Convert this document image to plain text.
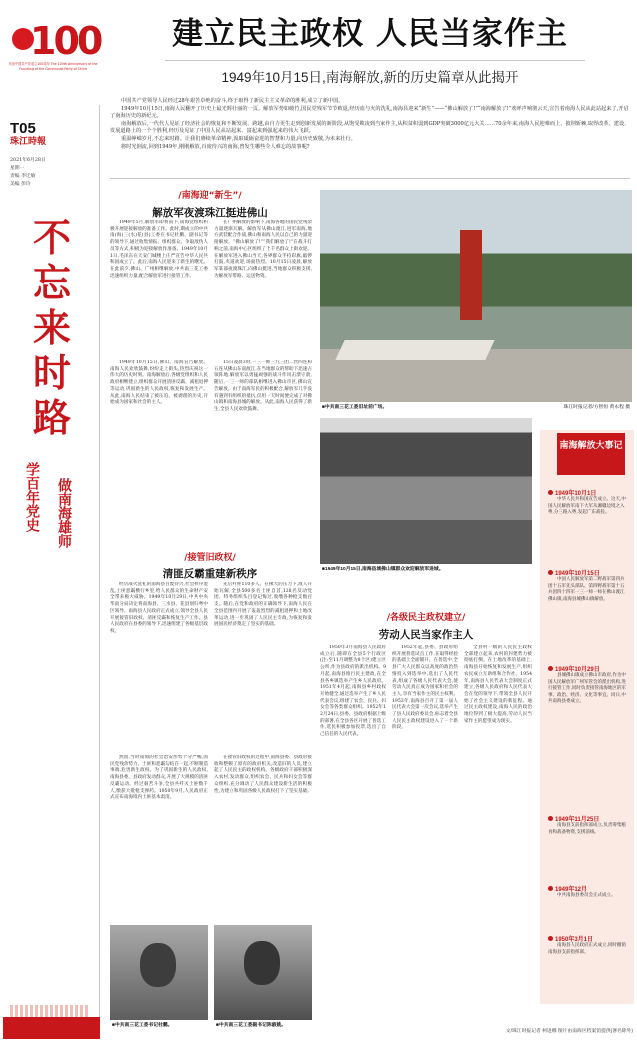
100
庆祝中国共产党成立100周年 The 100th Anniversary of the Founding of the Communist Party of China
建立民主政权 人民当家作主
1949年10月15日,南海解放,新的历史篇章从此揭开
T05
珠江時報
2021年6月28日
星期一
责编 李迁敏
美编 彭玲
不
忘
来
时
路
做南海雄师
学百年党史

中国共产党领导人民经过28年艰苦卓绝的奋斗,终于取得了新民主主义革命的胜利,成立了新中国。

1949年10月15日,南海人民翻开了历史上最光辉壮丽的一页。解放军势如破竹,国民党残军节节败退,经历血与火的洗礼,南海县迎来“新生”——“佛山解放了!”“南海解放了!”欢呼声响彻云天,宣告着南海人民从此站起来了,开启了南海历史的新纪元。

南海解放后,一代代人见证了经济社会的恢复和不断发展、跨越,由自力更生走到创新发展的新阶段,从饱受欺凌到当家作主,从积贫积弱到GDP突破3000亿元大关……70余年来,南海人民迎难而上、披荆斩棘,取得改革、建设、发展道路上的一个个胜利,经历及见证了中国人民从站起来、富起来到强起来的伟大飞跃。

重温峥嵘岁月,不忘来时路。让我们赓续革命精神,汲取砥砺奋进的智慧和力量,向历史致敬,为未来壮行。

将时光倒流,回到1949年,刚刚解放,百废待兴的南海,曾发生哪些令人难忘的故事呢?

/南海迎“新生”/
解放军夜渡珠江挺进佛山
1949年5月,解放军即将南下,南海党组织积极开展迎接解放的准备工作。此时,期成立的中共南(海)三(水)花(县)工委在书记杜鹏、副书记等的领导下,通过收集情报、组织群众、争取敌伪人员等方式,积极为迎接解放作准备。1949年10月1日,毛泽东在天安门城楼上庄严宣告中华人民共和国成立了。此后,南海人民迎来了新生的曙光。在此前夕,佛山、广州相继解放,中共南三花工委迅速组织力量,配合解放军进行接管工作。
在广州解放的影响下,南海各地的国民党残余力量逐渐瓦解。解放军从佛山渡江,进军南海,地方武装配合作战,佛山和南海人民以自己的力量迎接解放。“佛山解放了!”“我们解放了!”在战斗打响之前,南海中心区组织了上千名群众上街欢迎。在解放军进入佛山当天,各界群众手持彩旗,敲锣打鼓,夹道欢迎,场面热烈。10月15日凌晨,解放军某部夜渡珠江,向佛山挺进,当地群众积极支援,为解放军带路、运送物资。
1949年10月15日,佛山、南海宣告解放。南海人民欢欣鼓舞,纷纷走上街头,热烈庆祝这一伟大的历史时刻。南海解放后,各级党组织和人民政府相继建立,组织群众开展清匪反霸、减租退押等运动,巩固新生的人民政权,恢复和发展生产。从此,南海人民结束了被压迫、被剥削的历史,开始成为国家和社会的主人。
15日凌晨3时,一三一师三九三团二营四连和五连从佛山东南渡江,在当地群众的帮助下迅速占领阵地,解放军以勇猛顽强的战斗作风击溃守敌,随后,一三一师的部队相继进入佛山市区,佛山宣告解放。由于南海军民的积极配合,解放军几乎没有遇到有组织的抵抗,仅用一天时间便完成了对佛山镇和南海县城的解放。从此,南海人民获得了新生,全县人民欢欣鼓舞。	■中共南三花工委旧址前广场。	珠江时报记者/方智恒 黄永程 摄
■1949年10月15日,南海县城佛山镇群众欢迎解放军进城。
/接管旧政权/
清匪反霸重建新秩序
经历战火洗礼的南海县百废待兴,社会秩序混乱,土匪恶霸横行乡里,给人民群众的生命财产安全带来极大威胁。1949年10月29日,中共中央华南分局决定将南海县、三水县、花县划归粤中区领导。南海县人民政府正式成立,领导全县人民开展接管旧政权、清匪反霸和恢复生产工作。县人民政府在县委的领导下,迅速组建了各级基层政权。
然而,当时南海的社会治安形势十分严峻,国民党残余势力、土匪和恶霸勾结在一起,不断制造事端,危害新生政权。为了巩固新生的人民政权,南海县委、县政府发动群众,开展了大规模的清匪反霸运动。经过艰苦斗争,全县共歼灭土匪数千人,缴获大批枪支弹药。1950年9月,人民政府正式宣布南海境内土匪基本肃清。
先后歼匪110多人。在佛大的压力下,敌人开始瓦解,全县500多名土匪自首,128名反动党团、特务组织头目登记悔过,收缴各种枪支数百支。随后,在党和政府的正确领导下,南海人民在全县范围内开展了轰轰烈烈的减租退押和土地改革运动,进一步巩固了人民民主专政,为恢复和发展国民经济奠定了坚实的基础。
在接管旧政权的过程中,南海县委、县政府接收和整顿了原有的政府机关,改造旧的人员,建立起了人民民主的政权机构。各级政府干部积极深入农村,发动群众,组织农会、民兵和妇女会等群众组织,充分调动了人民群众建设新生活的积极性,为建立和巩固各级人民政权打下了坚实基础。
■中共南三花工委书记杜鹏。	■中共南三花工委副书记陈淑姚。
/各级民主政权建立/
劳动人民当家作主人
1950年3月南海县人民政府成立后,随即在全县5个行政区(注:至11月调整为8个区)建立区公所,作为县政府的派出机构。9月起,南海县推行民主建政,在全县各乡镇选举产生乡人民政府。1951年4月起,南海县乡村政权开始健全,通过选举产生了乡人民代表会议,组建了农会、民兵、妇女会等各类群众组织。1952年12月24日,县委、县政府根据上级的部署,在全县各区开展了普选工作,选民积极参加投票,选出了自己信任的人民代表。
1952年起,县委、县政府组织开展普选试点工作,在取得经验的基础上全面铺开。在普选中,全县广大人民群众以高度的政治热情投入到选举中,选出了人民代表,组成了各级人民代表大会,使劳动人民真正成为国家和社会的主人,享有当家作主的民主权利。1953年,南海县召开了第一届人民代表大会第一次会议,选举产生了县人民政府委员会,标志着全县人民民主政权建设进入了一个新阶段。
全县村一级的人民民主政权全部建立起来,农村的封建势力被彻底打倒。在土地改革的基础上,南海县开始恢复和发展生产,组织农民成立互助组和合作社。1954年,南海县人民代表大会制度正式建立,各级人民政府和人民代表大会在党的领导下,带领全县人民开始了社会主义建设的新征程。通过民主政权建设,南海人民的政治地位得到了极大提高,劳动人民当家作主的愿望成为现实。
南海解放大事记
1949年10月1日
中华人民共和国宣告成立。这天,中国人民解放军南下大军从湘赣边境之入粤,分三路入粤,发起广东战役。
1949年10月15日
中国人民解放军第二野战军第四兵团十五军先头部队、第四野战军第十五兵团四十四军一三一师一师在佛山渡江佛山镇,南海县城佛山镇解放。
1949年10月29日
县城佛山镇成立佛山市政府,作为中国人民解放军广州军管会的派出机构,进行接管工作,同时负责接管南海地区的军事、政治、经济、文化等事宜。同日,中共南海县委成立。
1949年11月25日
南海县支前指挥部成立,负责筹集粮食和战备物资,支援前线。
1949年12月
中共南海县委员会正式成立。
1950年3月1日
南海县人民政府正式成立,同时撤销南海县支前指挥部。
文/珠江时报记者 柯进娜 图片由南海区档案馆提供(署名除外)
